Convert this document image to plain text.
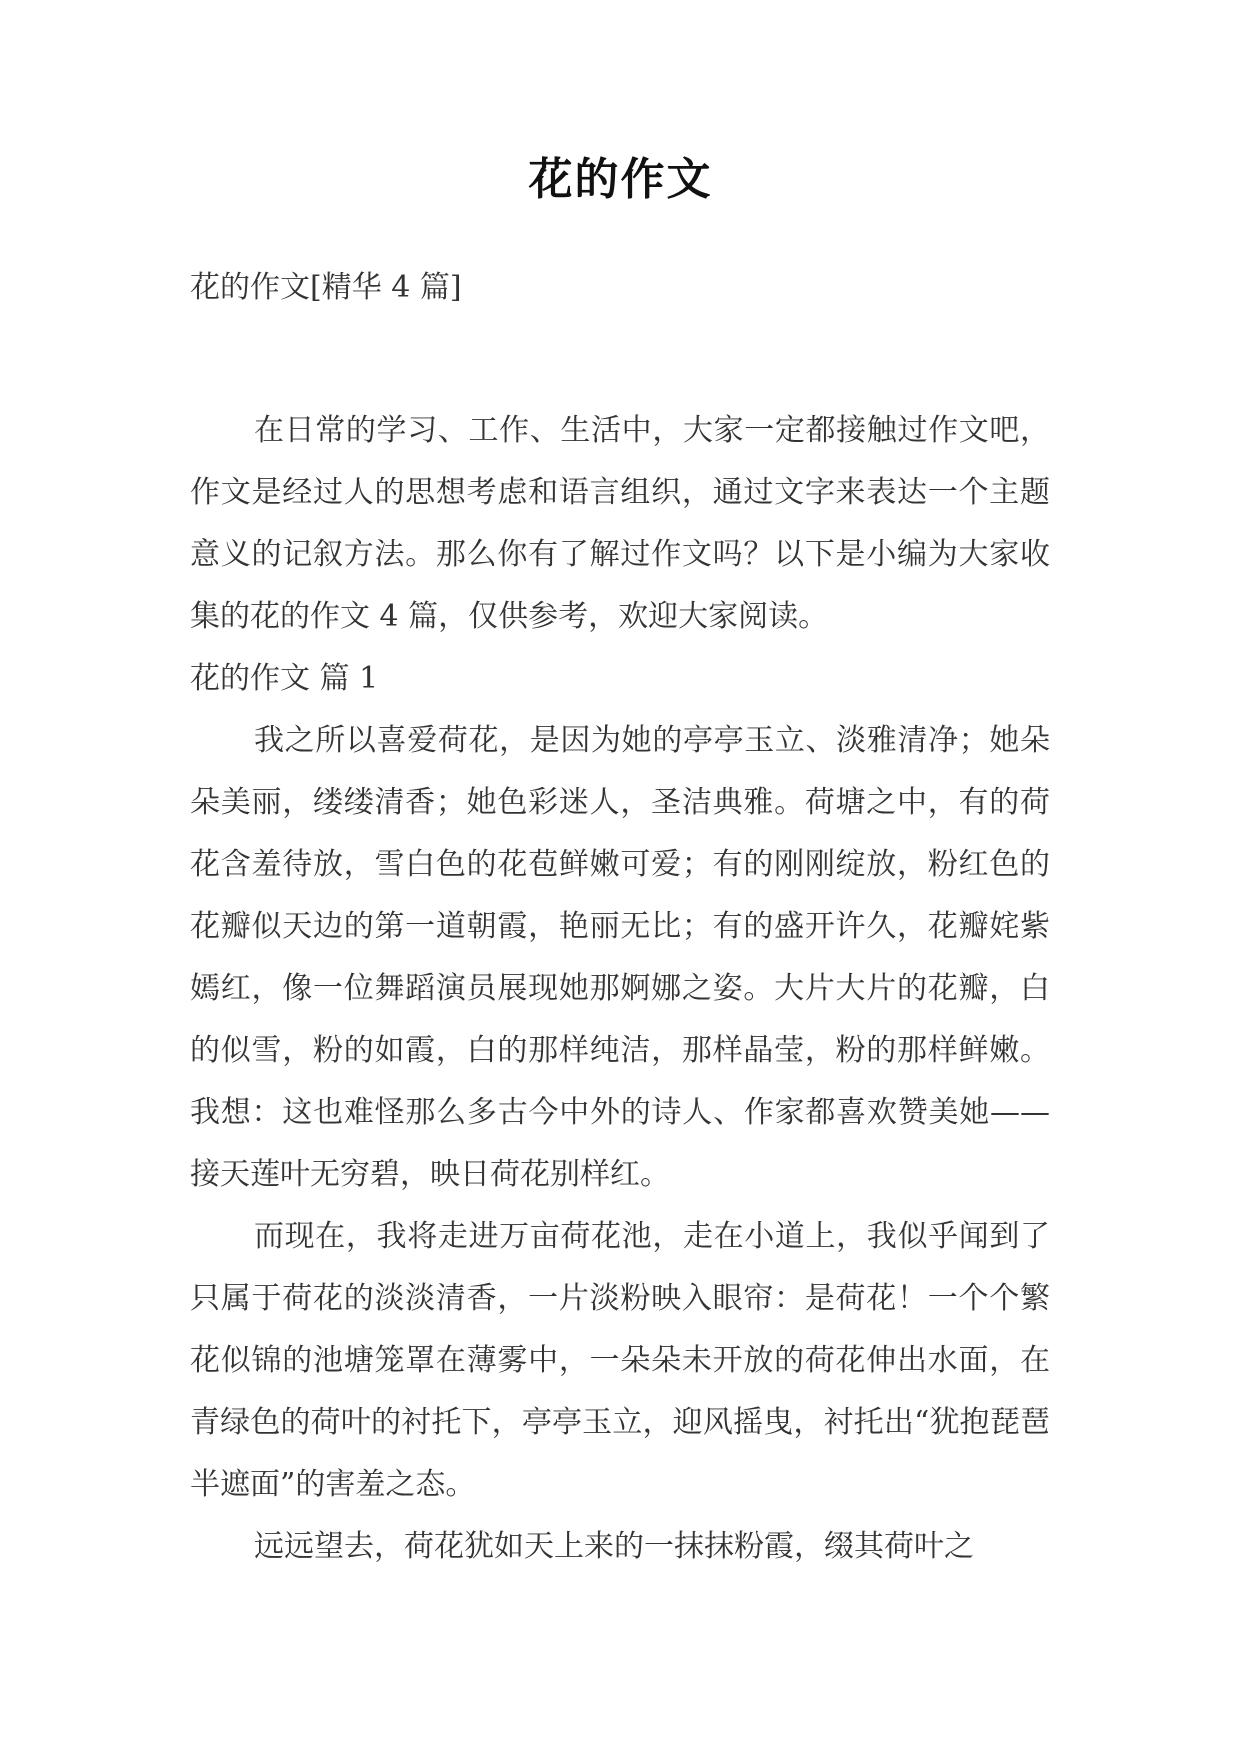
花的作文
花的作文[精华 4 篇]

在日常的学习、工作、生活中，大家一定都接触过作文吧，作文是经过人的思想考虑和语言组织，通过文字来表达一个主题意义的记叙方法。那么你有了解过作文吗？以下是小编为大家收集的花的作文 4 篇，仅供参考，欢迎大家阅读。

花的作文 篇 1

我之所以喜爱荷花，是因为她的亭亭玉立、淡雅清净；她朵朵美丽，缕缕清香；她色彩迷人，圣洁典雅。荷塘之中，有的荷花含羞待放，雪白色的花苞鲜嫩可爱；有的刚刚绽放，粉红色的花瓣似天边的第一道朝霞，艳丽无比；有的盛开许久，花瓣姹紫嫣红，像一位舞蹈演员展现她那婀娜之姿。大片大片的花瓣，白的似雪，粉的如霞，白的那样纯洁，那样晶莹，粉的那样鲜嫩。我想：这也难怪那么多古今中外的诗人、作家都喜欢赞美她——接天莲叶无穷碧，映日荷花别样红。

而现在，我将走进万亩荷花池，走在小道上，我似乎闻到了只属于荷花的淡淡清香，一片淡粉映入眼帘：是荷花！一个个繁花似锦的池塘笼罩在薄雾中，一朵朵未开放的荷花伸出水面，在青绿色的荷叶的衬托下，亭亭玉立，迎风摇曳，衬托出“犹抱琵琶半遮面”的害羞之态。

远远望去，荷花犹如天上来的一抹抹粉霞，缀其荷叶之
